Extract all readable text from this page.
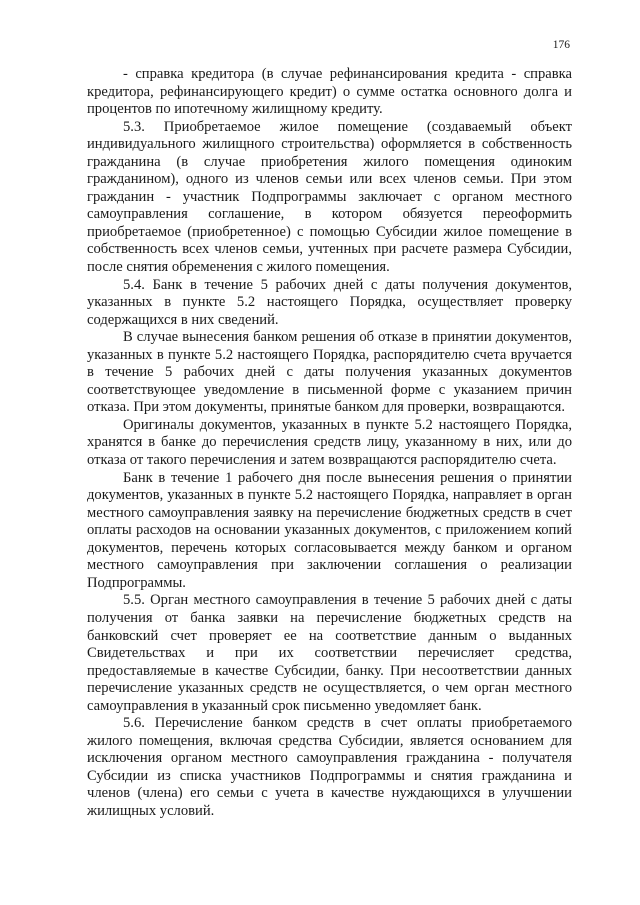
176

- справка кредитора (в случае рефинансирования кредита - справка кредитора, рефинансирующего кредит) о сумме остатка основного долга и процентов по ипотечному жилищному кредиту.

5.3. Приобретаемое жилое помещение (создаваемый объект индивидуального жилищного строительства) оформляется в собственность гражданина (в случае приобретения жилого помещения одиноким гражданином), одного из членов семьи или всех членов семьи. При этом гражданин - участник Подпрограммы заключает с органом местного самоуправления соглашение, в котором обязуется переоформить приобретаемое (приобретенное) с помощью Субсидии жилое помещение в собственность всех членов семьи, учтенных при расчете размера Субсидии, после снятия обременения с жилого помещения.

5.4. Банк в течение 5 рабочих дней с даты получения документов, указанных в пункте 5.2 настоящего Порядка, осуществляет проверку содержащихся в них сведений.

В случае вынесения банком решения об отказе в принятии документов, указанных в пункте 5.2 настоящего Порядка, распорядителю счета вручается в течение 5 рабочих дней с даты получения указанных документов соответствующее уведомление в письменной форме с указанием причин отказа. При этом документы, принятые банком для проверки, возвращаются.

Оригиналы документов, указанных в пункте 5.2 настоящего Порядка, хранятся в банке до перечисления средств лицу, указанному в них, или до отказа от такого перечисления и затем возвращаются распорядителю счета.

Банк в течение 1 рабочего дня после вынесения решения о принятии документов, указанных в пункте 5.2 настоящего Порядка, направляет в орган местного самоуправления заявку на перечисление бюджетных средств в счет оплаты расходов на основании указанных документов, с приложением копий документов, перечень которых согласовывается между банком и органом местного самоуправления при заключении соглашения о реализации Подпрограммы.

5.5. Орган местного самоуправления в течение 5 рабочих дней с даты получения от банка заявки на перечисление бюджетных средств на банковский счет проверяет ее на соответствие данным о выданных Свидетельствах и при их соответствии перечисляет средства, предоставляемые в качестве Субсидии, банку. При несоответствии данных перечисление указанных средств не осуществляется, о чем орган местного самоуправления в указанный срок письменно уведомляет банк.

5.6. Перечисление банком средств в счет оплаты приобретаемого жилого помещения, включая средства Субсидии, является основанием для исключения органом местного самоуправления гражданина - получателя Субсидии из списка участников Подпрограммы и снятия гражданина и членов (члена) его семьи с учета в качестве нуждающихся в улучшении жилищных условий.
